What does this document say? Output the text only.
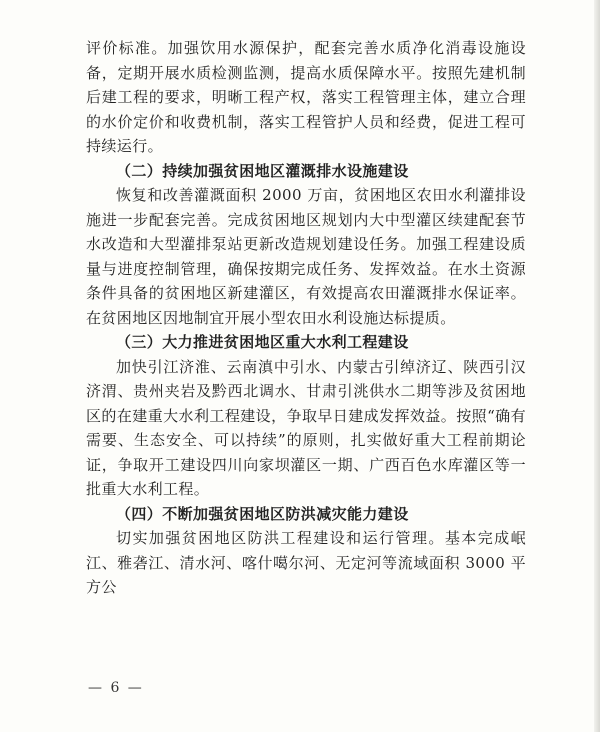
评价标准。加强饮用水源保护，配套完善水质净化消毒设施设备，定期开展水质检测监测，提高水质保障水平。按照先建机制后建工程的要求，明晰工程产权，落实工程管理主体，建立合理的水价定价和收费机制，落实工程管护人员和经费，促进工程可持续运行。

（二）持续加强贫困地区灌溉排水设施建设

恢复和改善灌溉面积 2000 万亩，贫困地区农田水利灌排设施进一步配套完善。完成贫困地区规划内大中型灌区续建配套节水改造和大型灌排泵站更新改造规划建设任务。加强工程建设质量与进度控制管理，确保按期完成任务、发挥效益。在水土资源条件具备的贫困地区新建灌区，有效提高农田灌溉排水保证率。在贫困地区因地制宜开展小型农田水利设施达标提质。

（三）大力推进贫困地区重大水利工程建设

加快引江济淮、云南滇中引水、内蒙古引绰济辽、陕西引汉济渭、贵州夹岩及黔西北调水、甘肃引洮供水二期等涉及贫困地区的在建重大水利工程建设，争取早日建成发挥效益。按照“确有需要、生态安全、可以持续”的原则，扎实做好重大工程前期论证，争取开工建设四川向家坝灌区一期、广西百色水库灌区等一批重大水利工程。

（四）不断加强贫困地区防洪减灾能力建设

切实加强贫困地区防洪工程建设和运行管理。基本完成岷江、雅砻江、清水河、喀什噶尔河、无定河等流域面积 3000 平方公

— 6 —
